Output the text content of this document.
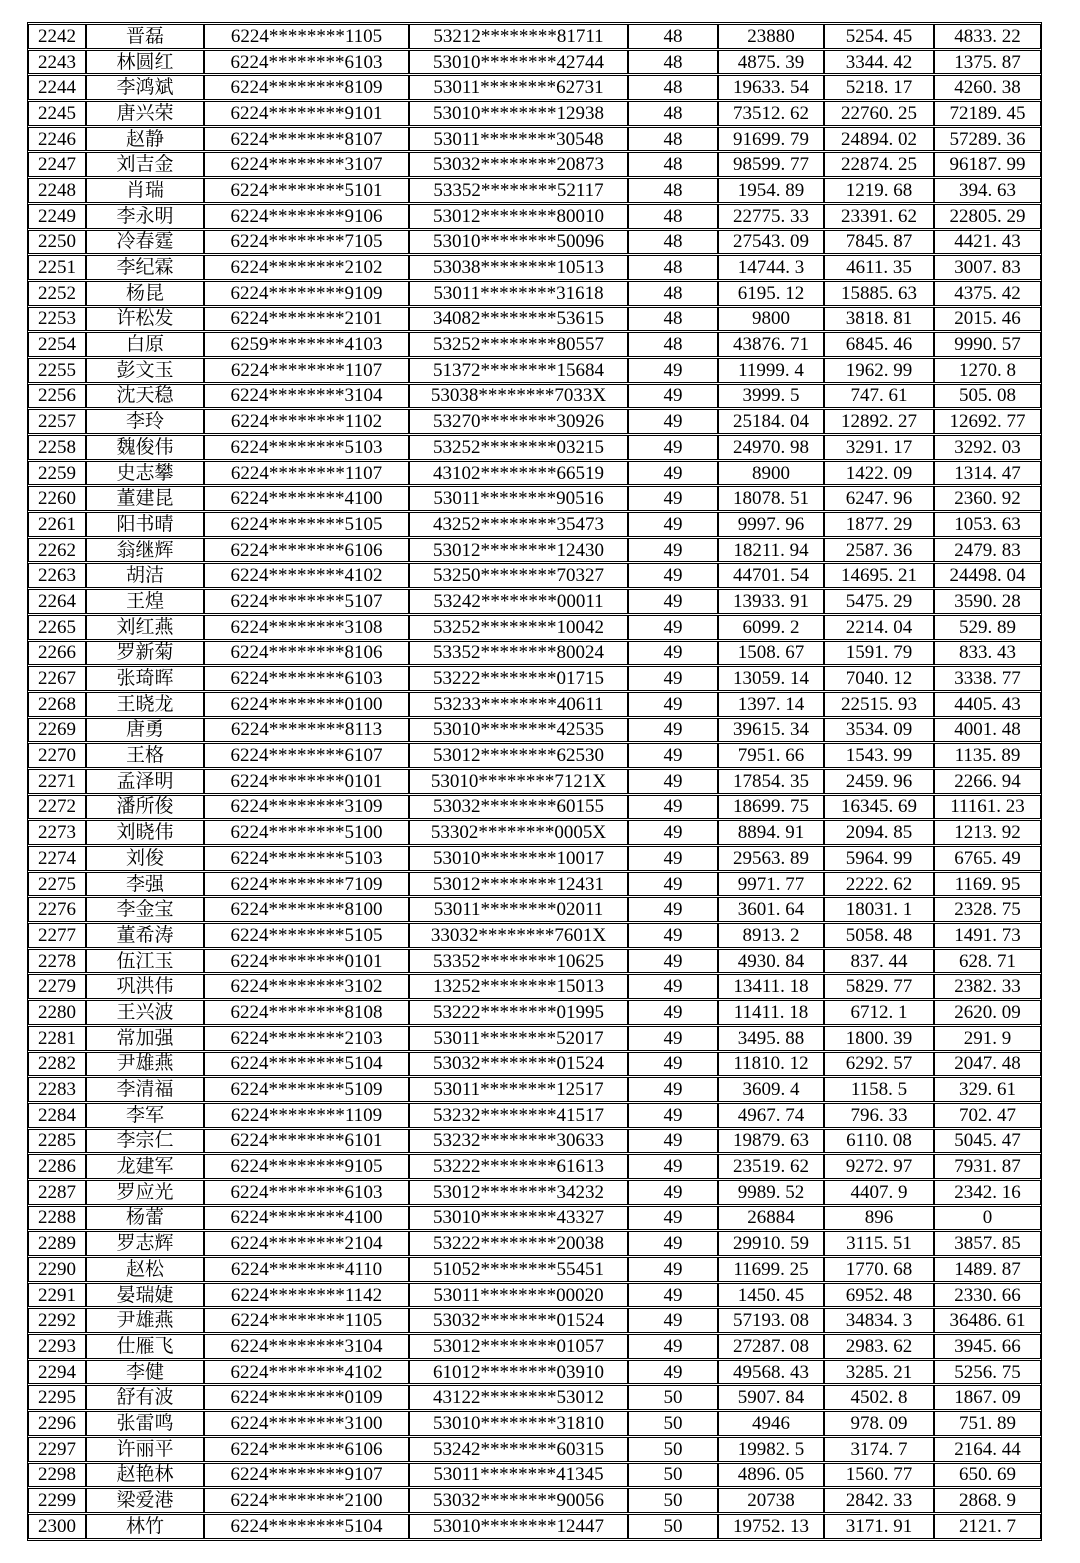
2242	晋磊	6224********1105	53212********81711	48	23880	5254. 45	4833. 22
2243	林圆红	6224********6103	53010********42744	48	4875. 39	3344. 42	1375. 87
2244	李鸿斌	6224********8109	53011********62731	48	19633. 54	5218. 17	4260. 38
2245	唐兴荣	6224********9101	53010********12938	48	73512. 62	22760. 25	72189. 45
2246	赵静	6224********8107	53011********30548	48	91699. 79	24894. 02	57289. 36
2247	刘吉金	6224********3107	53032********20873	48	98599. 77	22874. 25	96187. 99
2248	肖瑞	6224********5101	53352********52117	48	1954. 89	1219. 68	394. 63
2249	李永明	6224********9106	53012********80010	48	22775. 33	23391. 62	22805. 29
2250	冷春霆	6224********7105	53010********50096	48	27543. 09	7845. 87	4421. 43
2251	李纪霖	6224********2102	53038********10513	48	14744. 3	4611. 35	3007. 83
2252	杨昆	6224********9109	53011********31618	48	6195. 12	15885. 63	4375. 42
2253	许松发	6224********2101	34082********53615	48	9800	3818. 81	2015. 46
2254	白原	6259********4103	53252********80557	48	43876. 71	6845. 46	9990. 57
2255	彭文玉	6224********1107	51372********15684	49	11999. 4	1962. 99	1270. 8
2256	沈天稳	6224********3104	53038********7033X	49	3999. 5	747. 61	505. 08
2257	李玲	6224********1102	53270********30926	49	25184. 04	12892. 27	12692. 77
2258	魏俊伟	6224********5103	53252********03215	49	24970. 98	3291. 17	3292. 03
2259	史志攀	6224********1107	43102********66519	49	8900	1422. 09	1314. 47
2260	董建昆	6224********4100	53011********90516	49	18078. 51	6247. 96	2360. 92
2261	阳书晴	6224********5105	43252********35473	49	9997. 96	1877. 29	1053. 63
2262	翁继辉	6224********6106	53012********12430	49	18211. 94	2587. 36	2479. 83
2263	胡洁	6224********4102	53250********70327	49	44701. 54	14695. 21	24498. 04
2264	王煌	6224********5107	53242********00011	49	13933. 91	5475. 29	3590. 28
2265	刘红燕	6224********3108	53252********10042	49	6099. 2	2214. 04	529. 89
2266	罗新菊	6224********8106	53352********80024	49	1508. 67	1591. 79	833. 43
2267	张琦晖	6224********6103	53222********01715	49	13059. 14	7040. 12	3338. 77
2268	王晓龙	6224********0100	53233********40611	49	1397. 14	22515. 93	4405. 43
2269	唐勇	6224********8113	53010********42535	49	39615. 34	3534. 09	4001. 48
2270	王格	6224********6107	53012********62530	49	7951. 66	1543. 99	1135. 89
2271	孟泽明	6224********0101	53010********7121X	49	17854. 35	2459. 96	2266. 94
2272	潘所俊	6224********3109	53032********60155	49	18699. 75	16345. 69	11161. 23
2273	刘晓伟	6224********5100	53302********0005X	49	8894. 91	2094. 85	1213. 92
2274	刘俊	6224********5103	53010********10017	49	29563. 89	5964. 99	6765. 49
2275	李强	6224********7109	53012********12431	49	9971. 77	2222. 62	1169. 95
2276	李金宝	6224********8100	53011********02011	49	3601. 64	18031. 1	2328. 75
2277	董希涛	6224********5105	33032********7601X	49	8913. 2	5058. 48	1491. 73
2278	伍江玉	6224********0101	53352********10625	49	4930. 84	837. 44	628. 71
2279	巩洪伟	6224********3102	13252********15013	49	13411. 18	5829. 77	2382. 33
2280	王兴波	6224********8108	53222********01995	49	11411. 18	6712. 1	2620. 09
2281	常加强	6224********2103	53011********52017	49	3495. 88	1800. 39	291. 9
2282	尹雄燕	6224********5104	53032********01524	49	11810. 12	6292. 57	2047. 48
2283	李清福	6224********5109	53011********12517	49	3609. 4	1158. 5	329. 61
2284	李军	6224********1109	53232********41517	49	4967. 74	796. 33	702. 47
2285	李宗仁	6224********6101	53232********30633	49	19879. 63	6110. 08	5045. 47
2286	龙建军	6224********9105	53222********61613	49	23519. 62	9272. 97	7931. 87
2287	罗应光	6224********6103	53012********34232	49	9989. 52	4407. 9	2342. 16
2288	杨蕾	6224********4100	53010********43327	49	26884	896	0
2289	罗志辉	6224********2104	53222********20038	49	29910. 59	3115. 51	3857. 85
2290	赵松	6224********4110	51052********55451	49	11699. 25	1770. 68	1489. 87
2291	晏瑞婕	6224********1142	53011********00020	49	1450. 45	6952. 48	2330. 66
2292	尹雄燕	6224********1105	53032********01524	49	57193. 08	34834. 3	36486. 61
2293	仕雁飞	6224********3104	53012********01057	49	27287. 08	2983. 62	3945. 66
2294	李健	6224********4102	61012********03910	49	49568. 43	3285. 21	5256. 75
2295	舒有波	6224********0109	43122********53012	50	5907. 84	4502. 8	1867. 09
2296	张雷鸣	6224********3100	53010********31810	50	4946	978. 09	751. 89
2297	许丽平	6224********6106	53242********60315	50	19982. 5	3174. 7	2164. 44
2298	赵艳林	6224********9107	53011********41345	50	4896. 05	1560. 77	650. 69
2299	梁爱港	6224********2100	53032********90056	50	20738	2842. 33	2868. 9
2300	林竹	6224********5104	53010********12447	50	19752. 13	3171. 91	2121. 7
